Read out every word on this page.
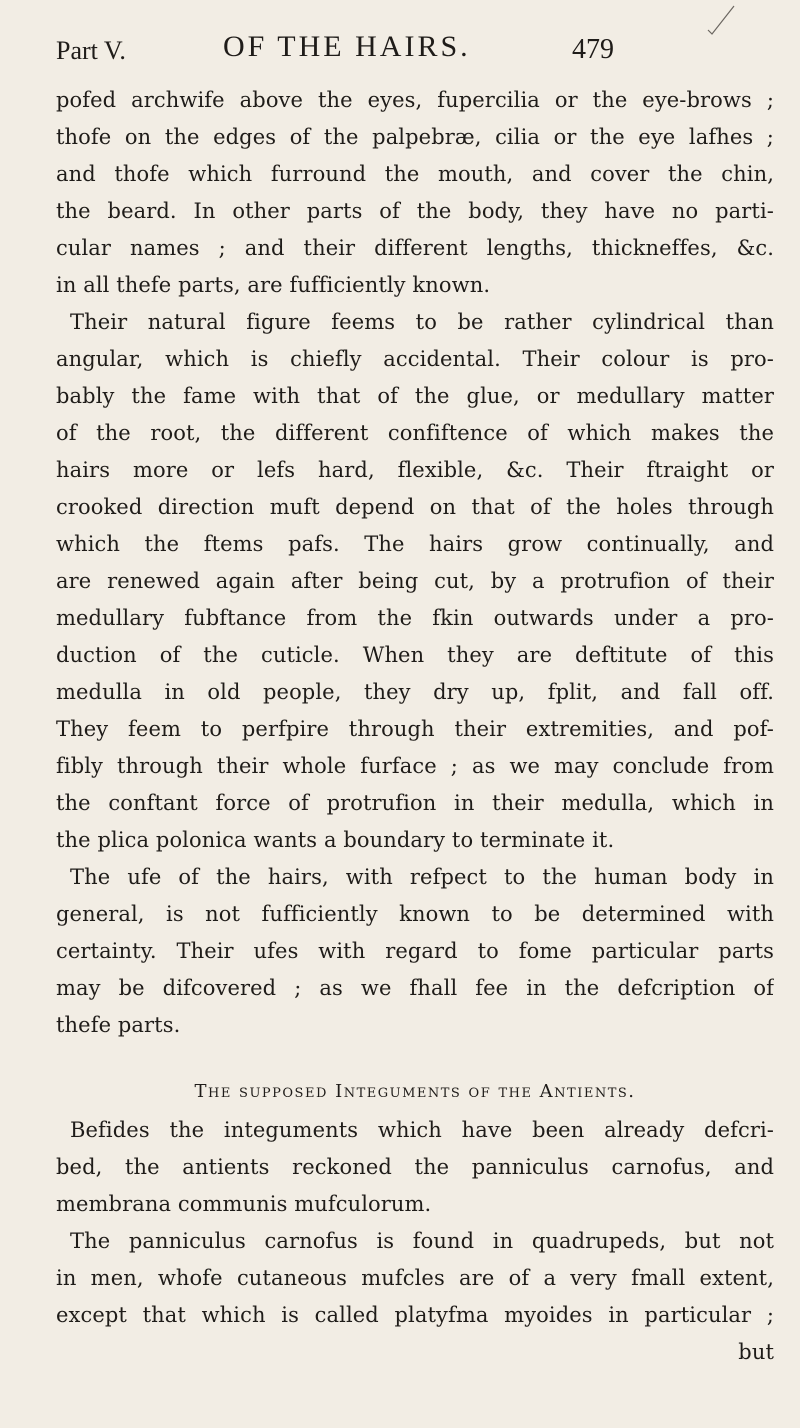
Part V.	OF THE HAIRS.	479
pofed archwife above the eyes, fupercilia or the eye-brows ;
thofe on the edges of the palpebræ, cilia or the eye lafhes ;
and thofe which furround the mouth, and cover the chin,
the beard. In other parts of the body, they have no parti-
cular names ; and their different lengths, thickneffes, &c.
in all thefe parts, are fufficiently known.
Their natural figure feems to be rather cylindrical than
angular, which is chiefly accidental. Their colour is pro-
bably the fame with that of the glue, or medullary matter
of the root, the different confiftence of which makes the
hairs more or lefs hard, flexible, &c. Their ftraight or
crooked direction muft depend on that of the holes through
which the ftems pafs. The hairs grow continually, and
are renewed again after being cut, by a protrufion of their
medullary fubftance from the fkin outwards under a pro-
duction of the cuticle. When they are deftitute of this
medulla in old people, they dry up, fplit, and fall off.
They feem to perfpire through their extremities, and pof-
fibly through their whole furface ; as we may conclude from
the conftant force of protrufion in their medulla, which in
the plica polonica wants a boundary to terminate it.
The ufe of the hairs, with refpect to the human body in
general, is not fufficiently known to be determined with
certainty. Their ufes with regard to fome particular parts
may be difcovered ; as we fhall fee in the defcription of
thefe parts.
The supposed Integuments of the Antients.
Befides the integuments which have been already defcri-
bed, the antients reckoned the panniculus carnofus, and
membrana communis mufculorum.
The panniculus carnofus is found in quadrupeds, but not
in men, whofe cutaneous mufcles are of a very fmall extent,
except that which is called platyfma myoides in particular ;
but
